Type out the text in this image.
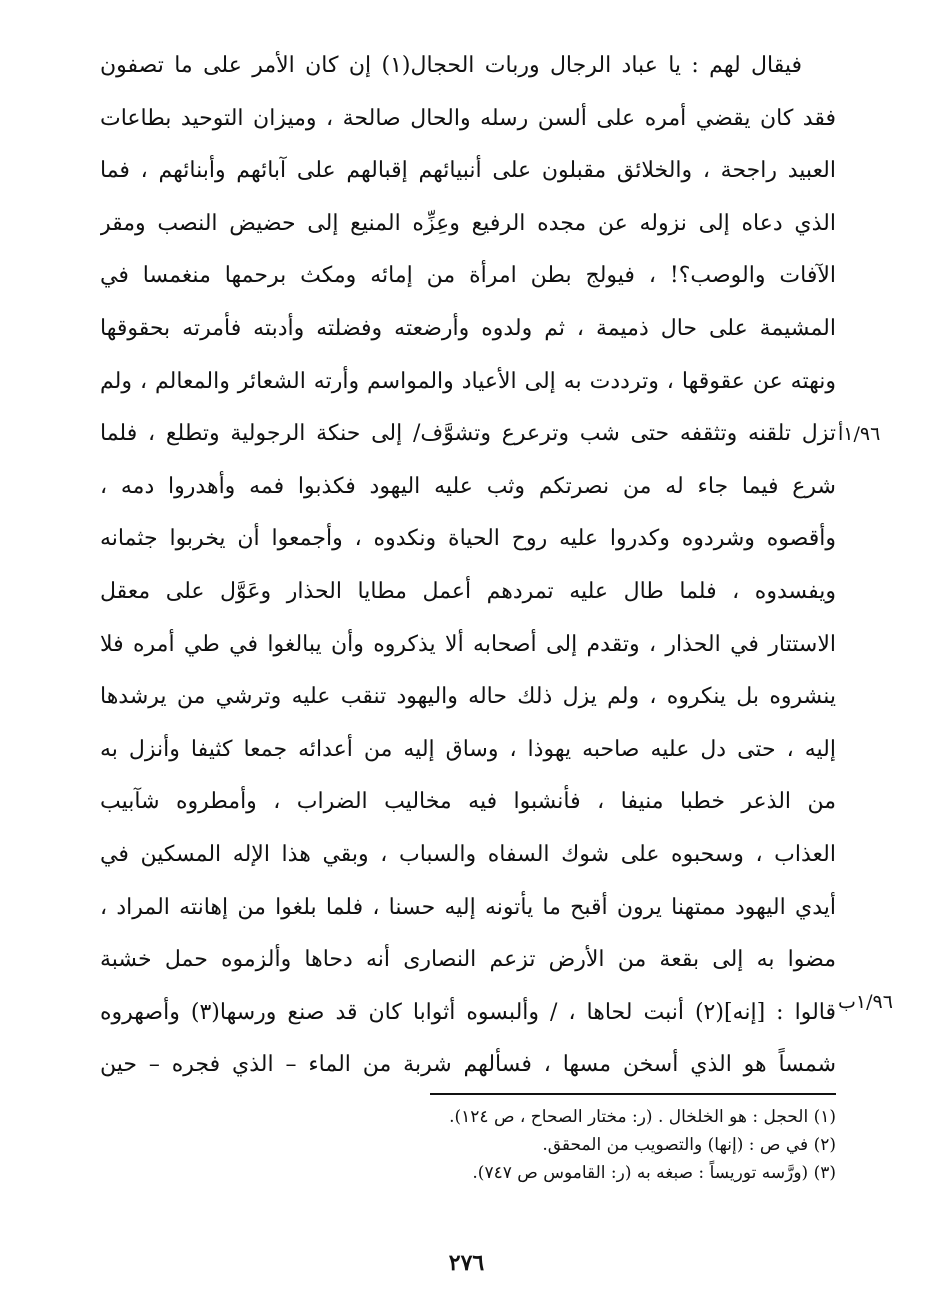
فيقال لهم : يا عباد الرجال وربات الحجال(١) إن كان الأمر على ما تصفون
فقد كان يقضي أمره على ألسن رسله والحال صالحة ، وميزان التوحيد بطاعات
العبيد راجحة ، والخلائق مقبلون على أنبيائهم إقبالهم على آبائهم وأبنائهم ، فما
الذي دعاه إلى نزوله عن مجده الرفيع وعِزِّه المنيع إلى حضيض النصب ومقر
الآفات والوصب؟! ، فيولج بطن امرأة من إمائه ومكث برحمها منغمسا في
المشيمة على حال ذميمة ، ثم ولدوه وأرضعته وفضلته وأدبته فأمرته بحقوقها
ونهته عن عقوقها ، وترددت به إلى الأعياد والمواسم وأرته الشعائر والمعالم ، ولم
تزل تلقنه وتثقفه حتى شب وترعرع وتشوَّف/ إلى حنكة الرجولية وتطلع ، فلما
شرع فيما جاء له من نصرتكم وثب عليه اليهود فكذبوا فمه وأهدروا دمه ،
وأقصوه وشردوه وكدروا عليه روح الحياة ونكدوه ، وأجمعوا أن يخربوا جثمانه
ويفسدوه ، فلما طال عليه تمردهم أعمل مطايا الحذار وعَوَّل على معقل
الاستتار في الحذار ، وتقدم إلى أصحابه ألا يذكروه وأن يبالغوا في طي أمره فلا
ينشروه بل ينكروه ، ولم يزل ذلك حاله واليهود تنقب عليه وترشي من يرشدها
إليه ، حتى دل عليه صاحبه يهوذا ، وساق إليه من أعدائه جمعا كثيفا وأنزل به
من الذعر خطبا منيفا ، فأنشبوا فيه مخاليب الضراب ، وأمطروه شآبيب
العذاب ، وسحبوه على شوك السفاه والسباب ، وبقي هذا الإله المسكين في
أيدي اليهود ممتهنا يرون أقبح ما يأتونه إليه حسنا ، فلما بلغوا من إهانته المراد ،
مضوا به إلى بقعة من الأرض تزعم النصارى أنه دحاها وألزموه حمل خشبة
قالوا : [إنه](٢) أنبت لحاها ، / وألبسوه أثوابا كان قد صنع ورسها(٣) وأصهروه
شمساً هو الذي أسخن مسها ، فسألهم شربة من الماء – الذي فجره – حين
١/٩٦أ
١/٩٦ب
(١) الحجل : هو الخلخال . (ر: مختار الصحاح ، ص ١٢٤).
(٢) في ص : (إنها) والتصويب من المحقق.
(٣) (ورَّسه توريساً : صبغه به (ر: القاموس ص ٧٤٧).
٢٧٦
